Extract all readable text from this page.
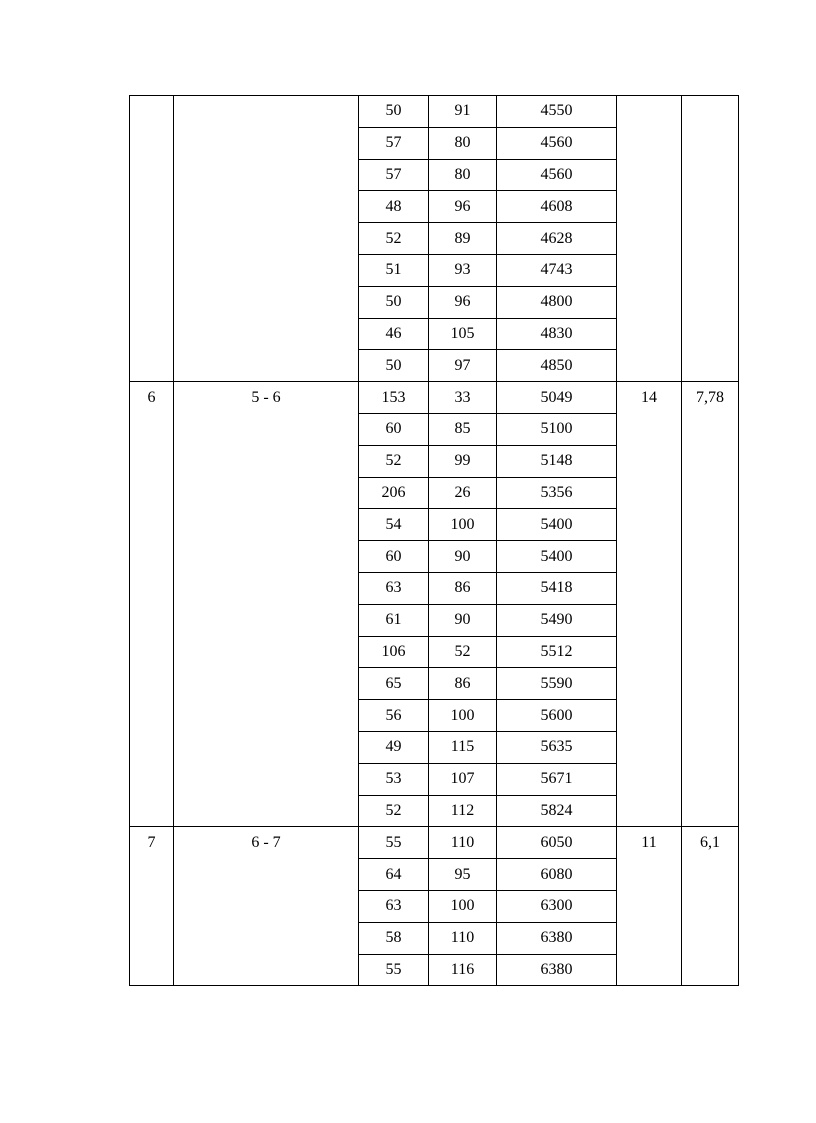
		50	91	4550		
		57	80	4560		
		57	80	4560		
		48	96	4608		
		52	89	4628		
		51	93	4743		
		50	96	4800		
		46	105	4830		
		50	97	4850		
6	5 - 6	153	33	5049	14	7,78
		60	85	5100		
		52	99	5148		
		206	26	5356		
		54	100	5400		
		60	90	5400		
		63	86	5418		
		61	90	5490		
		106	52	5512		
		65	86	5590		
		56	100	5600		
		49	115	5635		
		53	107	5671		
		52	112	5824		
7	6 - 7	55	110	6050	11	6,1
		64	95	6080		
		63	100	6300		
		58	110	6380		
		55	116	6380		
